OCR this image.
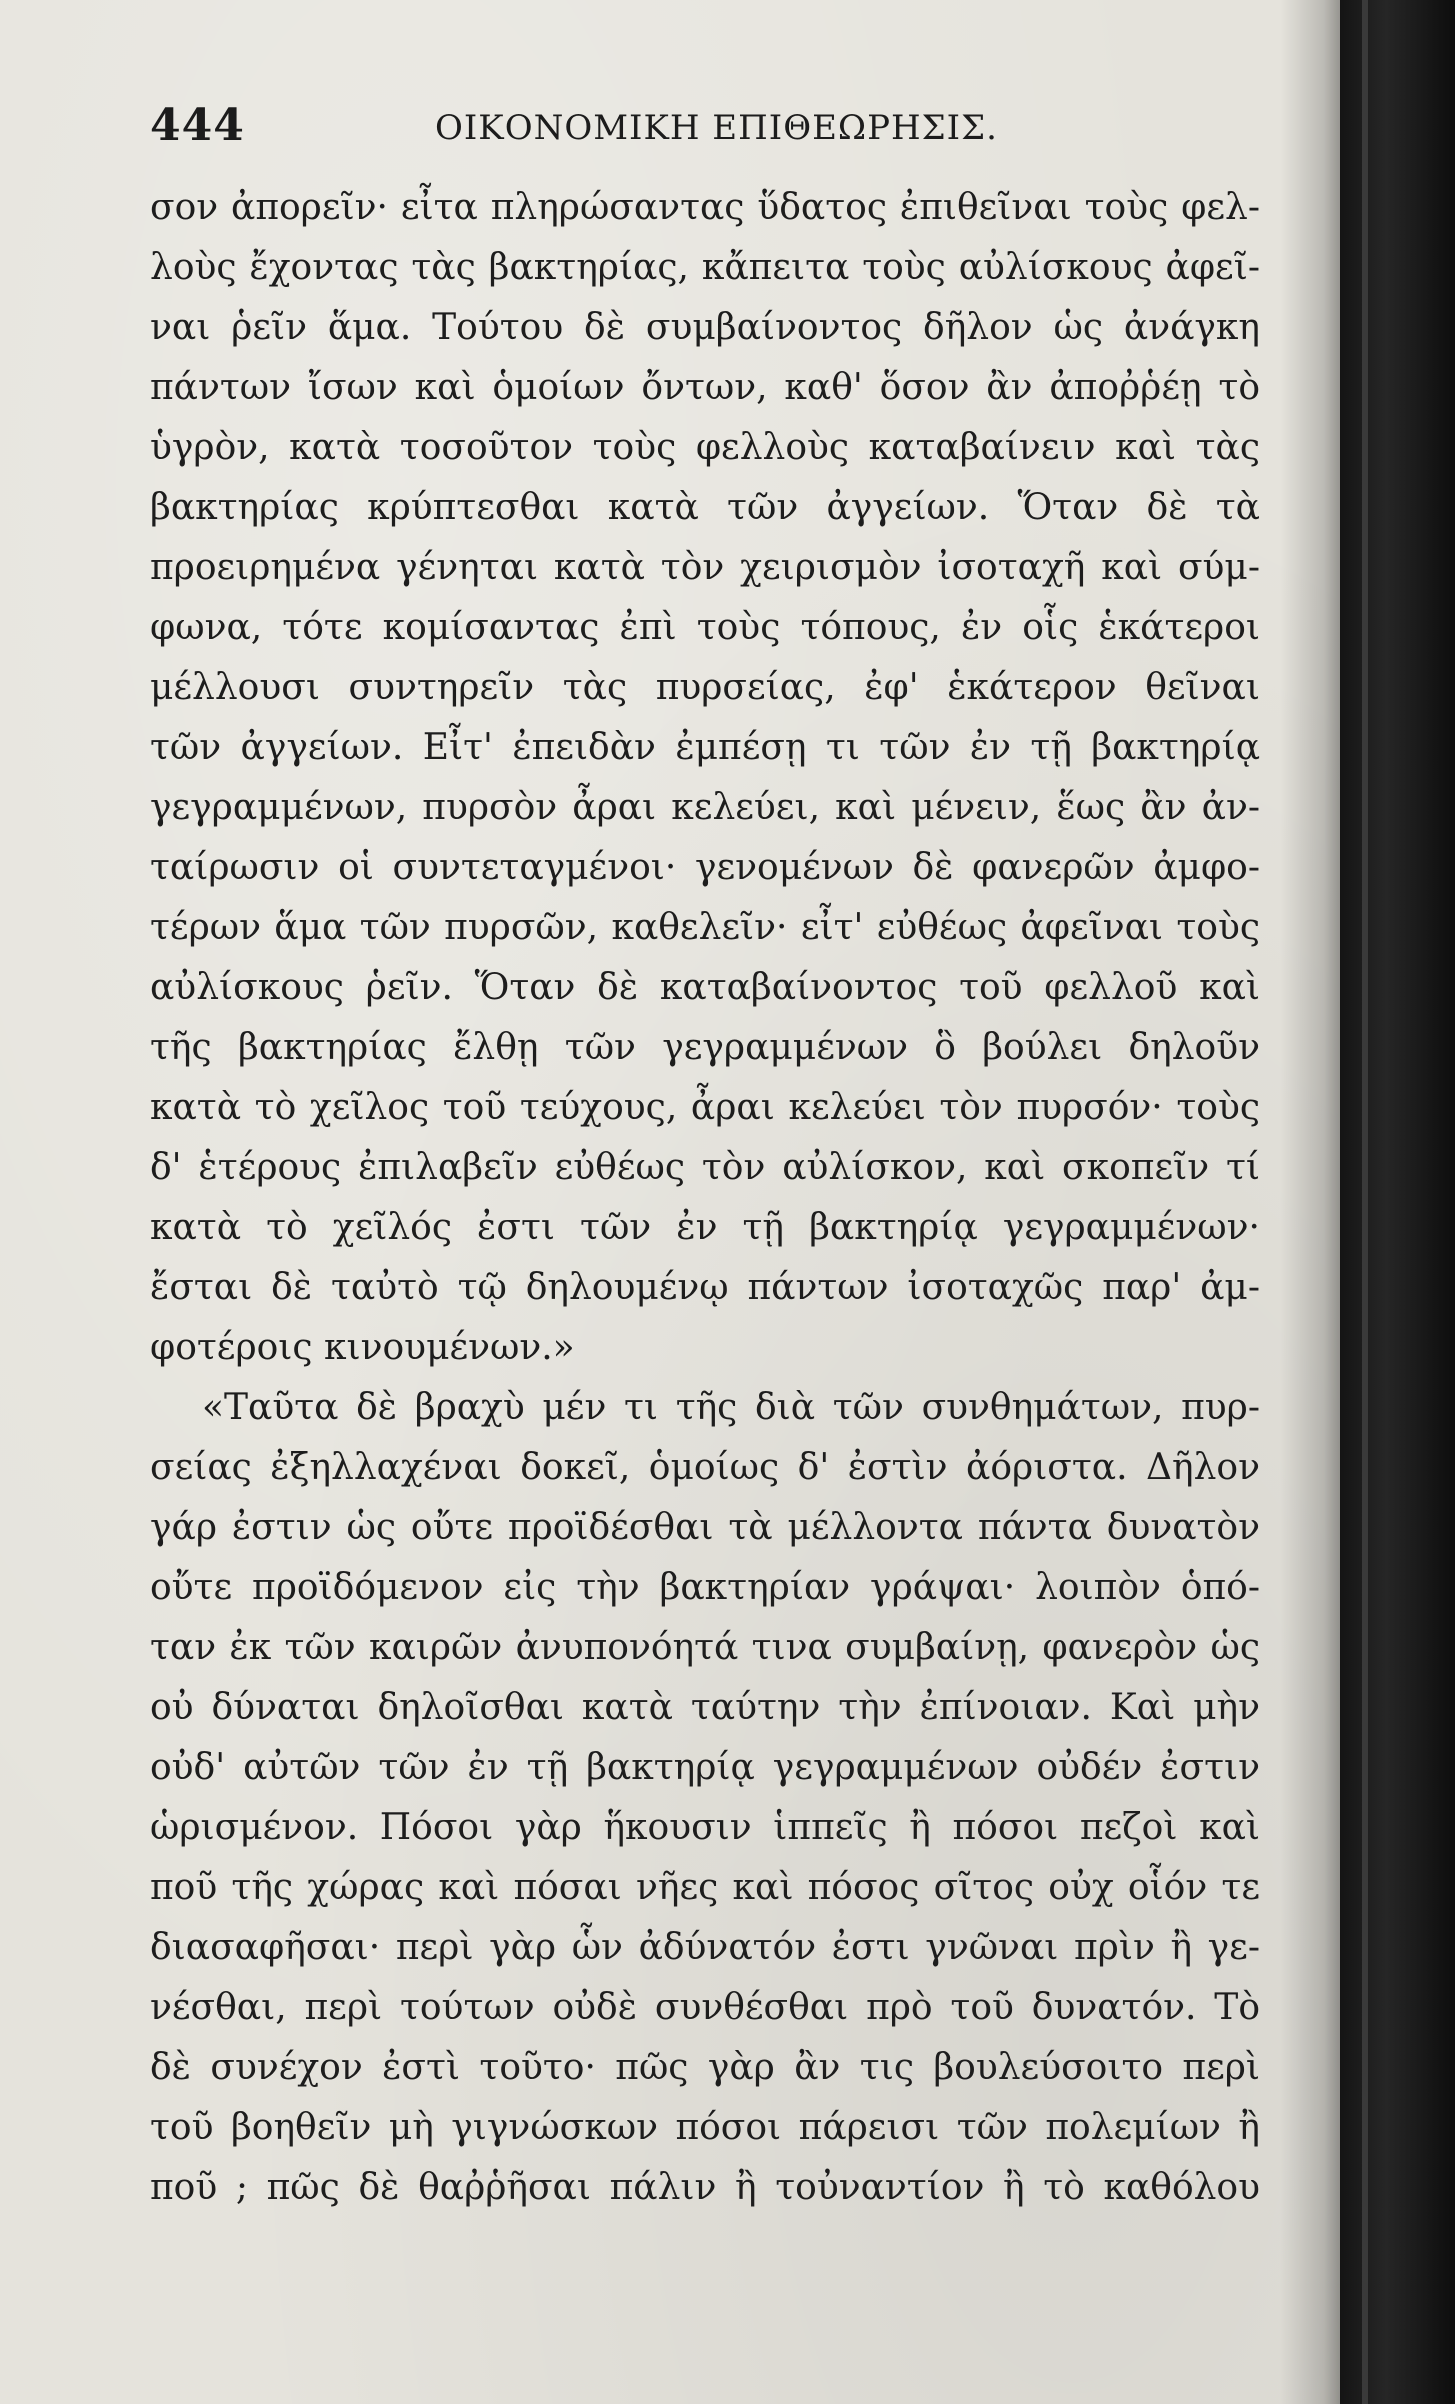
444	ΟΙΚΟΝΟΜΙΚΗ ΕΠΙΘΕΩΡΗΣΙΣ.
σον ἀπορεῖν· εἶτα πληρώσαντας ὕδατος ἐπιθεῖναι τοὺς φελ-
λοὺς ἔχοντας τὰς βακτηρίας, κἄπειτα τοὺς αὐλίσκους ἀφεῖ-
ναι ῥεῖν ἅμα. Τούτου δὲ συμβαίνοντος δῆλον ὡς ἀνάγκη
πάντων ἴσων καὶ ὁμοίων ὄντων, καθ' ὅσον ἂν ἀποῤῥέῃ τὸ
ὑγρὸν, κατὰ τοσοῦτον τοὺς φελλοὺς καταβαίνειν καὶ τὰς
βακτηρίας κρύπτεσθαι κατὰ τῶν ἀγγείων. Ὅταν δὲ τὰ
προειρημένα γένηται κατὰ τὸν χειρισμὸν ἰσοταχῆ καὶ σύμ-
φωνα, τότε κομίσαντας ἐπὶ τοὺς τόπους, ἐν οἷς ἑκάτεροι
μέλλουσι συντηρεῖν τὰς πυρσείας, ἐφ' ἑκάτερον θεῖναι
τῶν ἀγγείων. Εἶτ' ἐπειδὰν ἐμπέσῃ τι τῶν ἐν τῇ βακτηρίᾳ
γεγραμμένων, πυρσὸν ἆραι κελεύει, καὶ μένειν, ἕως ἂν ἀν-
ταίρωσιν οἱ συντεταγμένοι· γενομένων δὲ φανερῶν ἀμφο-
τέρων ἅμα τῶν πυρσῶν, καθελεῖν· εἶτ' εὐθέως ἀφεῖναι τοὺς
αὐλίσκους ῥεῖν. Ὅταν δὲ καταβαίνοντος τοῦ φελλοῦ καὶ
τῆς βακτηρίας ἔλθῃ τῶν γεγραμμένων ὃ βούλει δηλοῦν
κατὰ τὸ χεῖλος τοῦ τεύχους, ἆραι κελεύει τὸν πυρσόν· τοὺς
δ' ἑτέρους ἐπιλαβεῖν εὐθέως τὸν αὐλίσκον, καὶ σκοπεῖν τί
κατὰ τὸ χεῖλός ἐστι τῶν ἐν τῇ βακτηρίᾳ γεγραμμένων·
ἔσται δὲ ταὐτὸ τῷ δηλουμένῳ πάντων ἰσοταχῶς παρ' ἀμ-
φοτέροις κινουμένων.»
«Ταῦτα δὲ βραχὺ μέν τι τῆς διὰ τῶν συνθημάτων, πυρ-
σείας ἐξηλλαχέναι δοκεῖ, ὁμοίως δ' ἐστὶν ἀόριστα. Δῆλον
γάρ ἐστιν ὡς οὔτε προϊδέσθαι τὰ μέλλοντα πάντα δυνατὸν
οὔτε προϊδόμενον εἰς τὴν βακτηρίαν γράψαι· λοιπὸν ὁπό-
ταν ἐκ τῶν καιρῶν ἀνυπονόητά τινα συμβαίνῃ, φανερὸν ὡς
οὐ δύναται δηλοῖσθαι κατὰ ταύτην τὴν ἐπίνοιαν. Καὶ μὴν
οὐδ' αὐτῶν τῶν ἐν τῇ βακτηρίᾳ γεγραμμένων οὐδέν ἐστιν
ὡρισμένον. Πόσοι γὰρ ἥκουσιν ἱππεῖς ἢ πόσοι πεζοὶ καὶ
ποῦ τῆς χώρας καὶ πόσαι νῆες καὶ πόσος σῖτος οὐχ οἷόν τε
διασαφῆσαι· περὶ γὰρ ὧν ἀδύνατόν ἐστι γνῶναι πρὶν ἢ γε-
νέσθαι, περὶ τούτων οὐδὲ συνθέσθαι πρὸ τοῦ δυνατόν. Τὸ
δὲ συνέχον ἐστὶ τοῦτο· πῶς γὰρ ἂν τις βουλεύσοιτο περὶ
τοῦ βοηθεῖν μὴ γιγνώσκων πόσοι πάρεισι τῶν πολεμίων ἢ
ποῦ ; πῶς δὲ θαῤῥῆσαι πάλιν ἢ τοὐναντίον ἢ τὸ καθόλου
